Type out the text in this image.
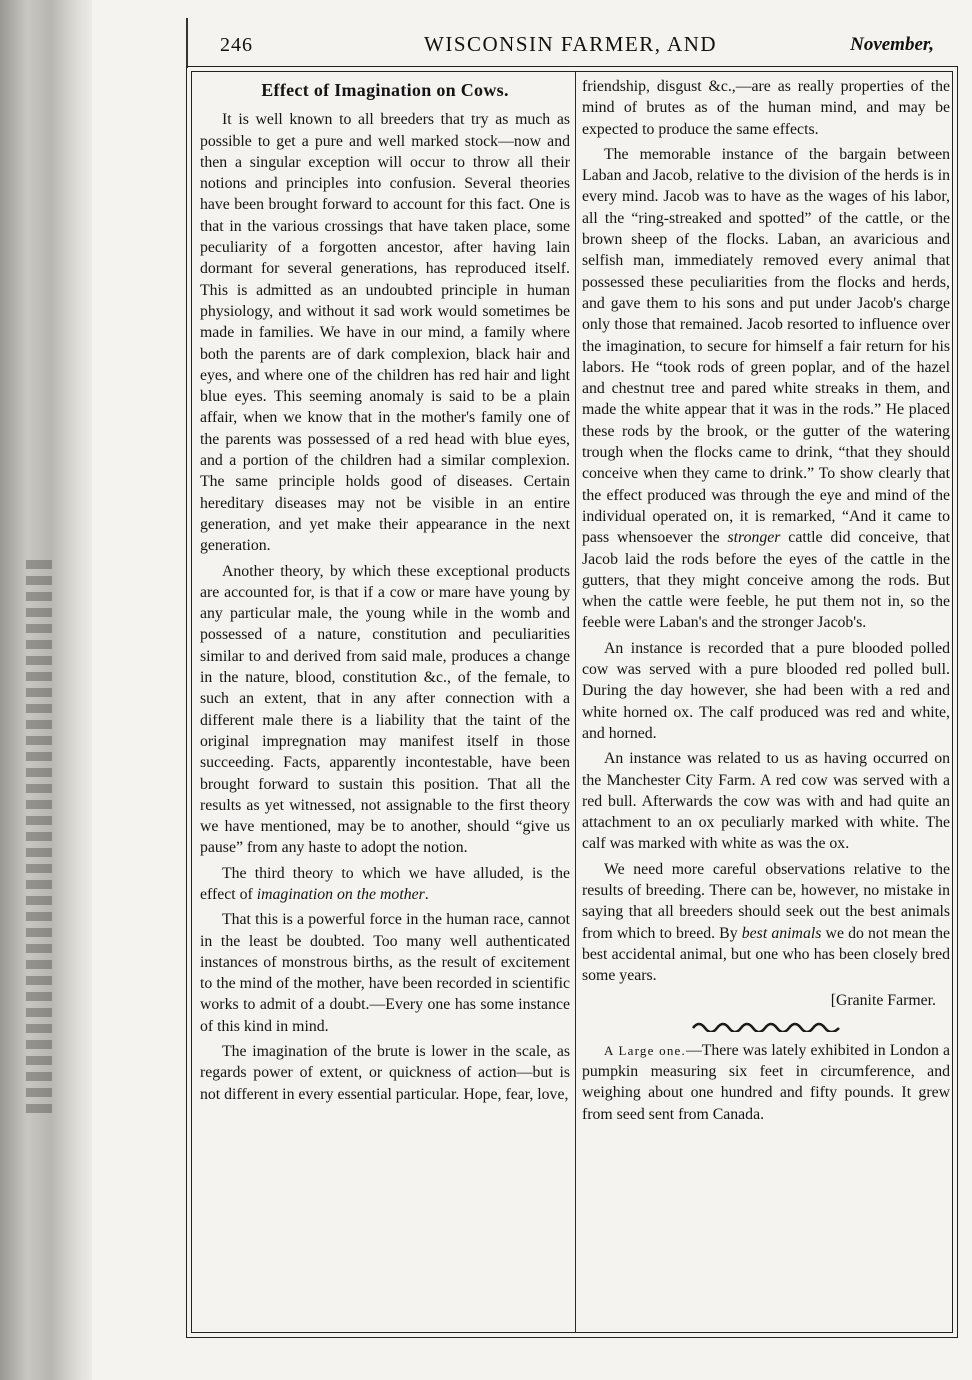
246	WISCONSIN FARMER, AND	November,
Effect of Imagination on Cows.

It is well known to all breeders that try as much as possible to get a pure and well marked stock—now and then a singular exception will occur to throw all their notions and principles into confusion. Several theories have been brought forward to account for this fact. One is that in the various crossings that have taken place, some peculiarity of a forgotten ancestor, after having lain dormant for several generations, has reproduced itself. This is admitted as an undoubted principle in human physiology, and without it sad work would sometimes be made in families. We have in our mind, a family where both the parents are of dark complexion, black hair and eyes, and where one of the children has red hair and light blue eyes. This seeming anomaly is said to be a plain affair, when we know that in the mother's family one of the parents was possessed of a red head with blue eyes, and a portion of the children had a similar complexion. The same principle holds good of diseases. Certain hereditary diseases may not be visible in an entire generation, and yet make their appearance in the next generation.

Another theory, by which these exceptional products are accounted for, is that if a cow or mare have young by any particular male, the young while in the womb and possessed of a nature, constitution and peculiarities similar to and derived from said male, produces a change in the nature, blood, constitution &c., of the female, to such an extent, that in any after connection with a different male there is a liability that the taint of the original impregnation may manifest itself in those succeeding. Facts, apparently incontestable, have been brought forward to sustain this position. That all the results as yet witnessed, not assignable to the first theory we have mentioned, may be to another, should “give us pause” from any haste to adopt the notion.

The third theory to which we have alluded, is the effect of imagination on the mother.

That this is a powerful force in the human race, cannot in the least be doubted. Too many well authenticated instances of monstrous births, as the result of excitement to the mind of the mother, have been recorded in scientific works to admit of a doubt.—Every one has some instance of this kind in mind.

The imagination of the brute is lower in the scale, as regards power of extent, or quickness of action—but is not different in every essential particular. Hope, fear, love,

friendship, disgust &c.,—are as really properties of the mind of brutes as of the human mind, and may be expected to produce the same effects.

The memorable instance of the bargain between Laban and Jacob, relative to the division of the herds is in every mind. Jacob was to have as the wages of his labor, all the “ring-streaked and spotted” of the cattle, or the brown sheep of the flocks. Laban, an avaricious and selfish man, immediately removed every animal that possessed these peculiarities from the flocks and herds, and gave them to his sons and put under Jacob's charge only those that remained. Jacob resorted to influence over the imagination, to secure for himself a fair return for his labors. He “took rods of green poplar, and of the hazel and chestnut tree and pared white streaks in them, and made the white appear that it was in the rods.” He placed these rods by the brook, or the gutter of the watering trough when the flocks came to drink, “that they should conceive when they came to drink.” To show clearly that the effect produced was through the eye and mind of the individual operated on, it is remarked, “And it came to pass whensoever the stronger cattle did conceive, that Jacob laid the rods before the eyes of the cattle in the gutters, that they might conceive among the rods. But when the cattle were feeble, he put them not in, so the feeble were Laban's and the stronger Jacob's.

An instance is recorded that a pure blooded polled cow was served with a pure blooded red polled bull. During the day however, she had been with a red and white horned ox. The calf produced was red and white, and horned.

An instance was related to us as having occurred on the Manchester City Farm. A red cow was served with a red bull. Afterwards the cow was with and had quite an attachment to an ox peculiarly marked with white. The calf was marked with white as was the ox.

We need more careful observations relative to the results of breeding. There can be, however, no mistake in saying that all breeders should seek out the best animals from which to breed. By best animals we do not mean the best accidental animal, but one who has been closely bred some years.

[Granite Farmer.

A Large one.—There was lately exhibited in London a pumpkin measuring six feet in circumference, and weighing about one hundred and fifty pounds. It grew from seed sent from Canada.
